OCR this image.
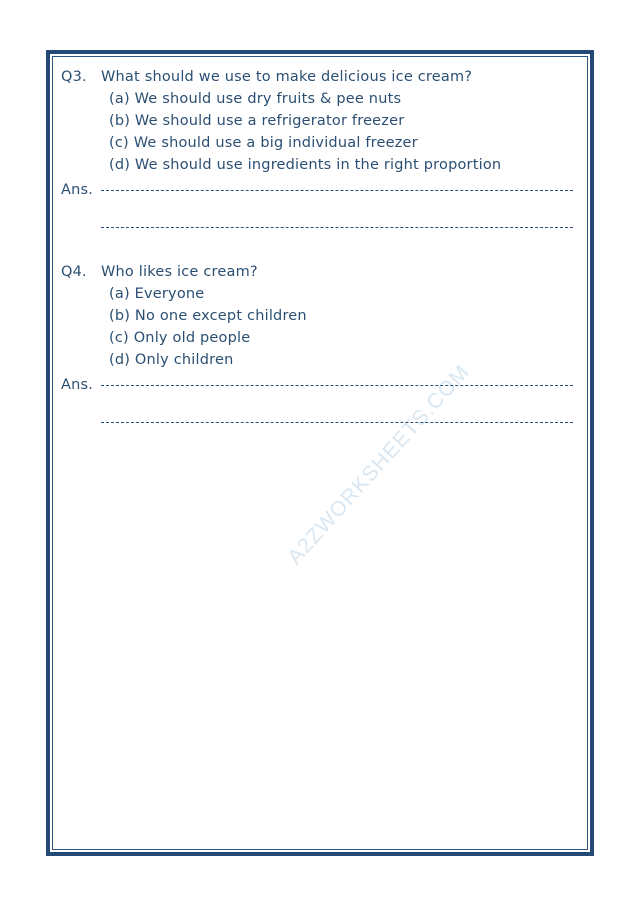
A2ZWORKSHEETS.COM
Q3. What should we use to make delicious ice cream?
(a) We should use dry fruits & pee nuts
(b) We should use a refrigerator freezer
(c) We should use a big individual freezer
(d) We should use ingredients in the right proportion
Ans.
Q4. Who likes ice cream?
(a) Everyone
(b) No one except children
(c) Only old people
(d) Only children
Ans.
